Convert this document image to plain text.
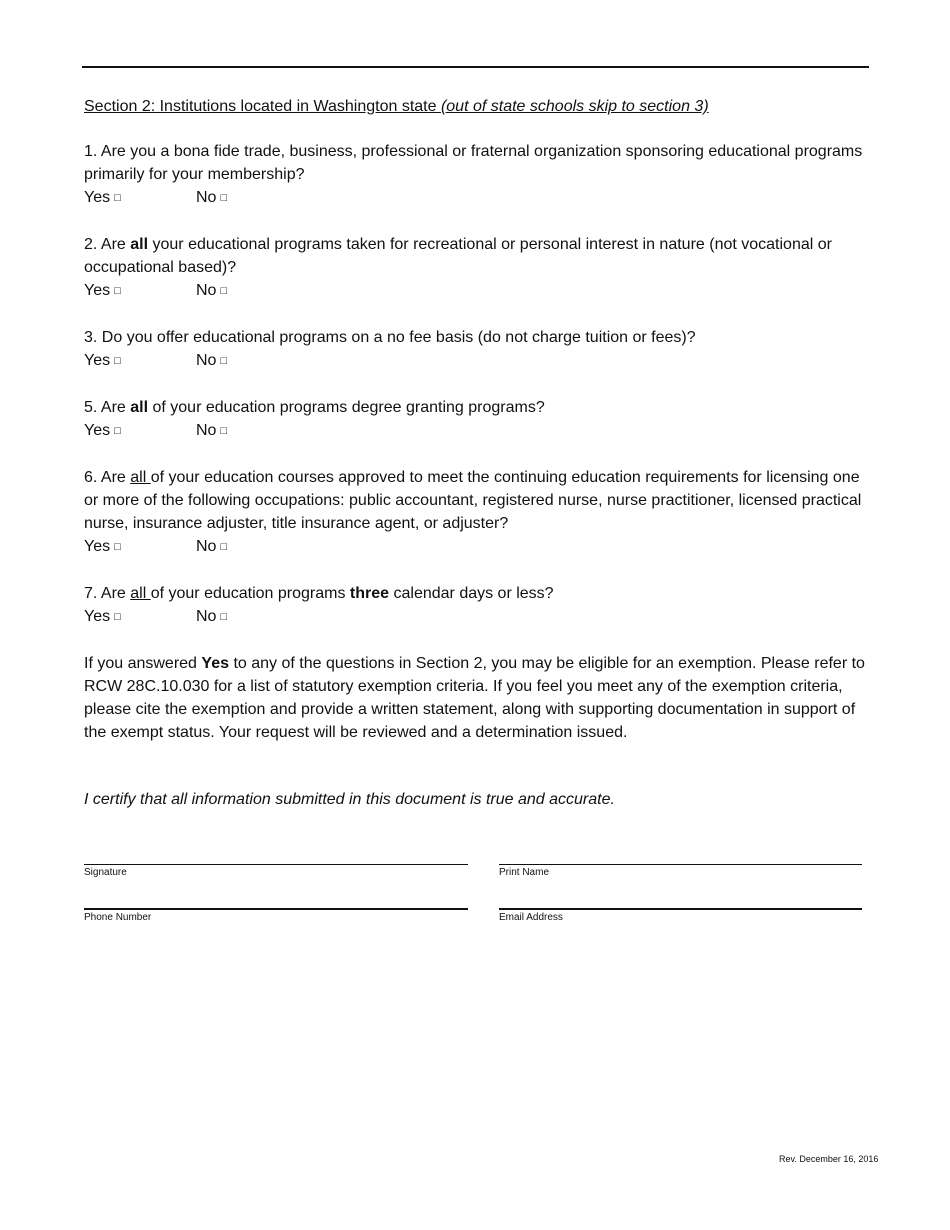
Section 2: Institutions located in Washington state (out of state schools skip to section 3)
1. Are you a bona fide trade, business, professional or fraternal organization sponsoring educational programs primarily for your membership?
Yes □	No □
2. Are all your educational programs taken for recreational or personal interest in nature (not vocational or occupational based)?
Yes □	No □
3. Do you offer educational programs on a no fee basis (do not charge tuition or fees)?
Yes □	No □
5. Are all of your education programs degree granting programs?
Yes □	No □
6. Are all of your education courses approved to meet the continuing education requirements for licensing one or more of the following occupations: public accountant, registered nurse, nurse practitioner, licensed practical nurse, insurance adjuster, title insurance agent, or adjuster?
Yes □	No □
7. Are all of your education programs three calendar days or less?
Yes □	No □
If you answered Yes to any of the questions in Section 2, you may be eligible for an exemption. Please refer to RCW 28C.10.030 for a list of statutory exemption criteria. If you feel you meet any of the exemption criteria, please cite the exemption and provide a written statement, along with supporting documentation in support of the exempt status. Your request will be reviewed and a determination issued.
I certify that all information submitted in this document is true and accurate.
Signature	Print Name
Phone Number	Email Address
Rev. December 16, 2016
